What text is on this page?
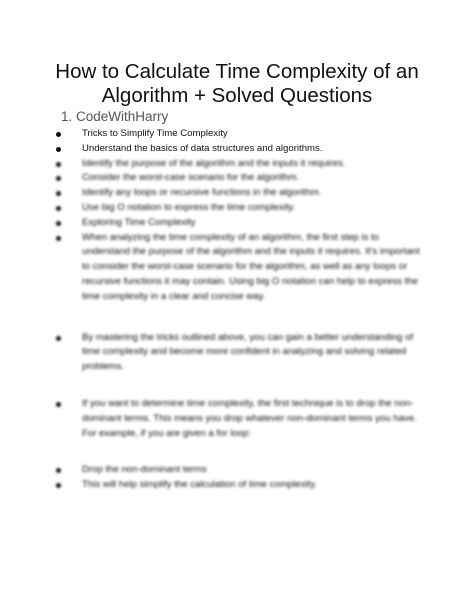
How to Calculate Time Complexity of an
Algorithm + Solved Questions
1. CodeWithHarry
Tricks to Simplify Time Complexity
Understand the basics of data structures and algorithms.
Identify the purpose of the algorithm and the inputs it requires.
Consider the worst-case scenario for the algorithm.
Identify any loops or recursive functions in the algorithm.
Use big O notation to express the time complexity.
Exploring Time Complexity
When analyzing the time complexity of an algorithm, the first step is to understand the purpose of the algorithm and the inputs it requires. It's important to consider the worst-case scenario for the algorithm, as well as any loops or recursive functions it may contain. Using big O notation can help to express the time complexity in a clear and concise way.
By mastering the tricks outlined above, you can gain a better understanding of time complexity and become more confident in analyzing and solving related problems.
If you want to determine time complexity, the first technique is to drop the non-dominant terms. This means you drop whatever non-dominant terms you have. For example, if you are given a for loop:
Drop the non-dominant terms
This will help simplify the calculation of time complexity.
